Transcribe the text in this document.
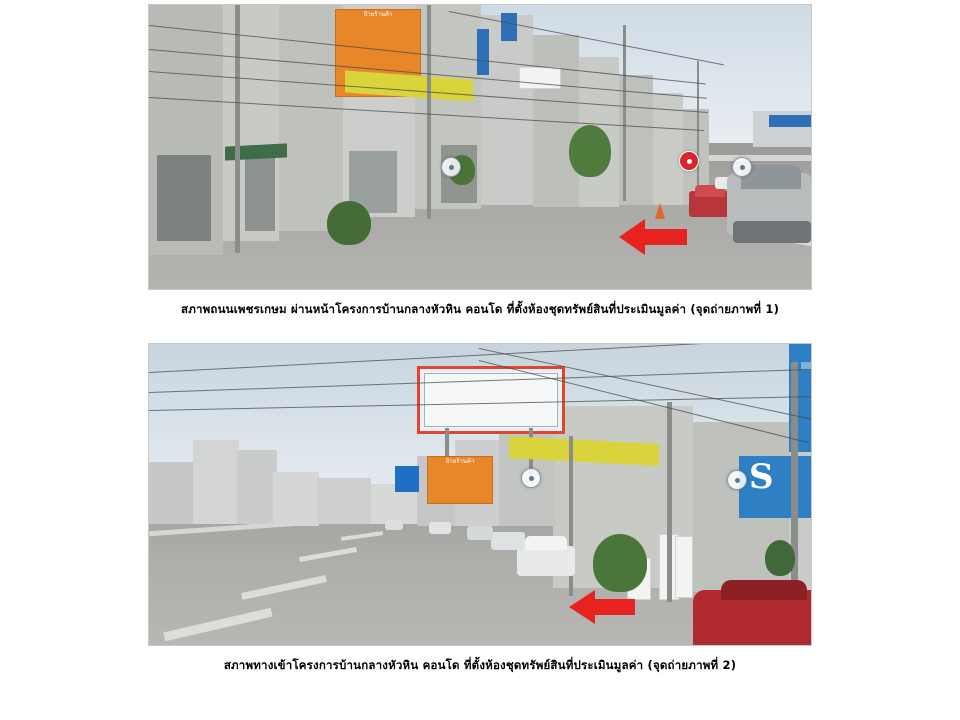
ป้ายร้านค้า
สภาพถนนเพชรเกษม ผ่านหน้าโครงการบ้านกลางหัวหิน คอนโด ที่ตั้งห้องชุดทรัพย์สินที่ประเมินมูลค่า (จุดถ่ายภาพที่ 1)
ป้ายร้านค้า	S
สภาพทางเข้าโครงการบ้านกลางหัวหิน คอนโด ที่ตั้งห้องชุดทรัพย์สินที่ประเมินมูลค่า (จุดถ่ายภาพที่ 2)
